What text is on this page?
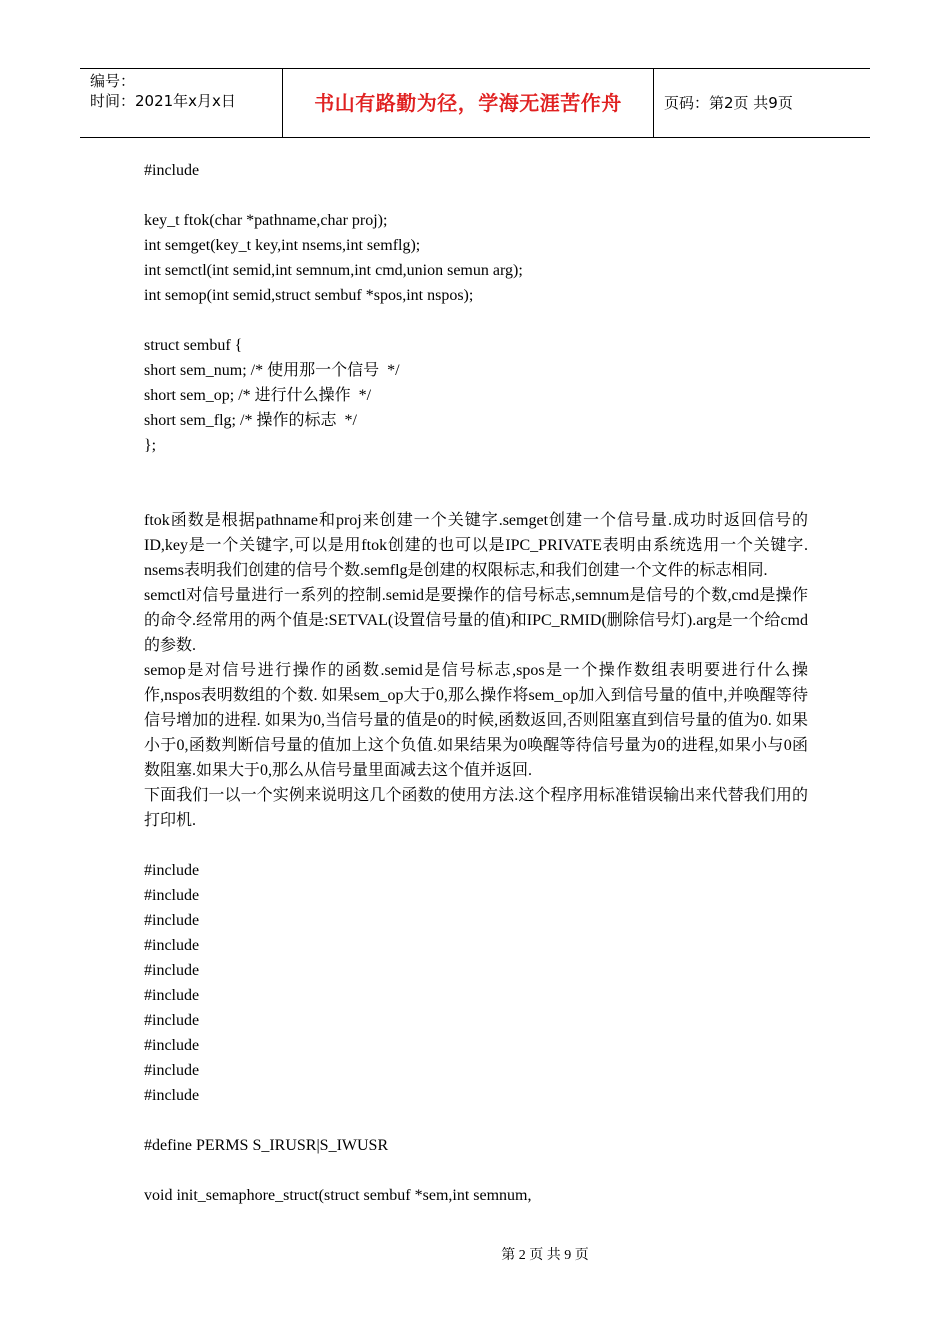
编号：
时间：2021年x月x日	书山有路勤为径，学海无涯苦作舟	页码：第2页 共9页
#include
key_t ftok(char *pathname,char proj);
int semget(key_t key,int nsems,int semflg);
int semctl(int semid,int semnum,int cmd,union semun arg);
int semop(int semid,struct sembuf *spos,int nspos);
struct sembuf {
short sem_num; /* 使用那一个信号  */
short sem_op; /* 进行什么操作  */
short sem_flg; /* 操作的标志  */
};
ftok函数是根据pathname和proj来创建一个关键字.semget创建一个信号量.成功时返回信号的ID,key是一个关键字,可以是用ftok创建的也可以是IPC_PRIVATE表明由系统选用一个关键字. nsems表明我们创建的信号个数.semflg是创建的权限标志,和我们创建一个文件的标志相同.
semctl对信号量进行一系列的控制.semid是要操作的信号标志,semnum是信号的个数,cmd是操作的命令.经常用的两个值是:SETVAL(设置信号量的值)和IPC_RMID(删除信号灯).arg是一个给cmd的参数.
semop是对信号进行操作的函数.semid是信号标志,spos是一个操作数组表明要进行什么操作,nspos表明数组的个数. 如果sem_op大于0,那么操作将sem_op加入到信号量的值中,并唤醒等待信号增加的进程. 如果为0,当信号量的值是0的时候,函数返回,否则阻塞直到信号量的值为0. 如果小于0,函数判断信号量的值加上这个负值.如果结果为0唤醒等待信号量为0的进程,如果小与0函数阻塞.如果大于0,那么从信号量里面减去这个值并返回.
下面我们一以一个实例来说明这几个函数的使用方法.这个程序用标准错误输出来代替我们用的打印机.
#include
#include
#include
#include
#include
#include
#include
#include
#include
#include
#define PERMS S_IRUSR|S_IWUSR
void init_semaphore_struct(struct sembuf *sem,int semnum,
第 2 页 共 9 页
